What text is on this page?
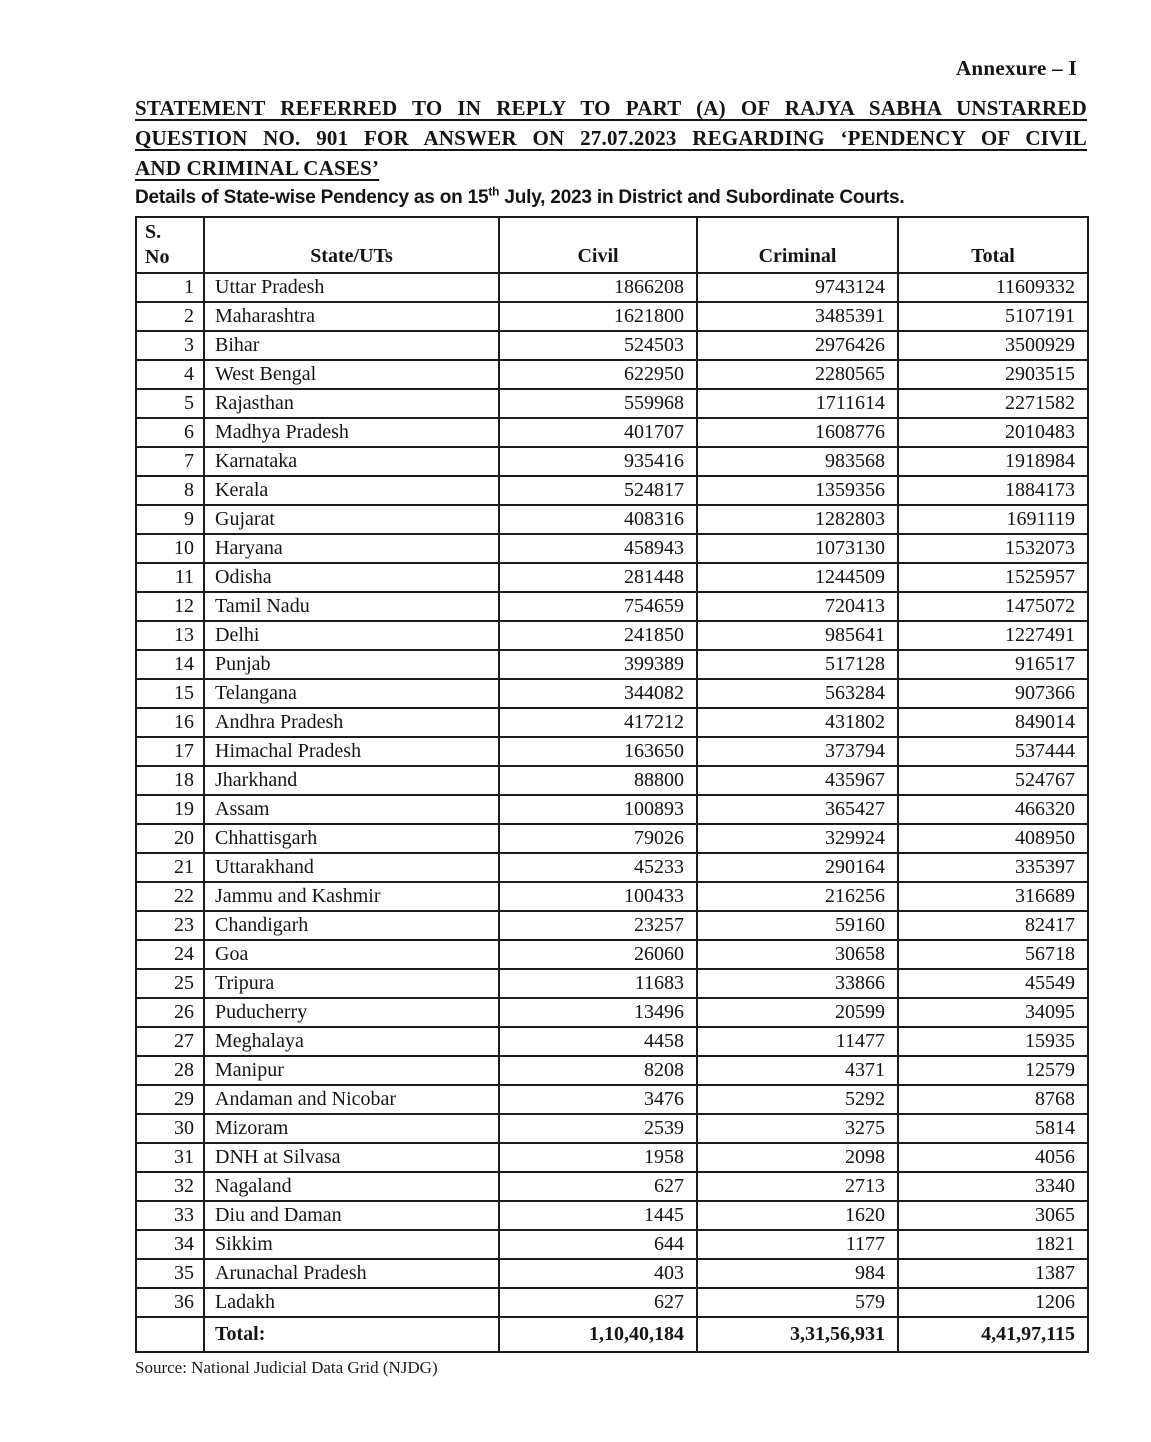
Annexure – I
STATEMENT REFERRED TO IN REPLY TO PART (A) OF RAJYA SABHA UNSTARRED
QUESTION NO. 901 FOR ANSWER ON 27.07.2023 REGARDING ‘PENDENCY OF CIVIL
AND CRIMINAL CASES’
Details of State-wise Pendency as on 15th July, 2023 in District and Subordinate Courts.
S.
No	State/UTs	Civil	Criminal	Total
1	Uttar Pradesh	1866208	9743124	11609332
2	Maharashtra	1621800	3485391	5107191
3	Bihar	524503	2976426	3500929
4	West Bengal	622950	2280565	2903515
5	Rajasthan	559968	1711614	2271582
6	Madhya Pradesh	401707	1608776	2010483
7	Karnataka	935416	983568	1918984
8	Kerala	524817	1359356	1884173
9	Gujarat	408316	1282803	1691119
10	Haryana	458943	1073130	1532073
11	Odisha	281448	1244509	1525957
12	Tamil Nadu	754659	720413	1475072
13	Delhi	241850	985641	1227491
14	Punjab	399389	517128	916517
15	Telangana	344082	563284	907366
16	Andhra Pradesh	417212	431802	849014
17	Himachal Pradesh	163650	373794	537444
18	Jharkhand	88800	435967	524767
19	Assam	100893	365427	466320
20	Chhattisgarh	79026	329924	408950
21	Uttarakhand	45233	290164	335397
22	Jammu and Kashmir	100433	216256	316689
23	Chandigarh	23257	59160	82417
24	Goa	26060	30658	56718
25	Tripura	11683	33866	45549
26	Puducherry	13496	20599	34095
27	Meghalaya	4458	11477	15935
28	Manipur	8208	4371	12579
29	Andaman and Nicobar	3476	5292	8768
30	Mizoram	2539	3275	5814
31	DNH at Silvasa	1958	2098	4056
32	Nagaland	627	2713	3340
33	Diu and Daman	1445	1620	3065
34	Sikkim	644	1177	1821
35	Arunachal Pradesh	403	984	1387
36	Ladakh	627	579	1206
	Total:	1,10,40,184	3,31,56,931	4,41,97,115
Source: National Judicial Data Grid (NJDG)
